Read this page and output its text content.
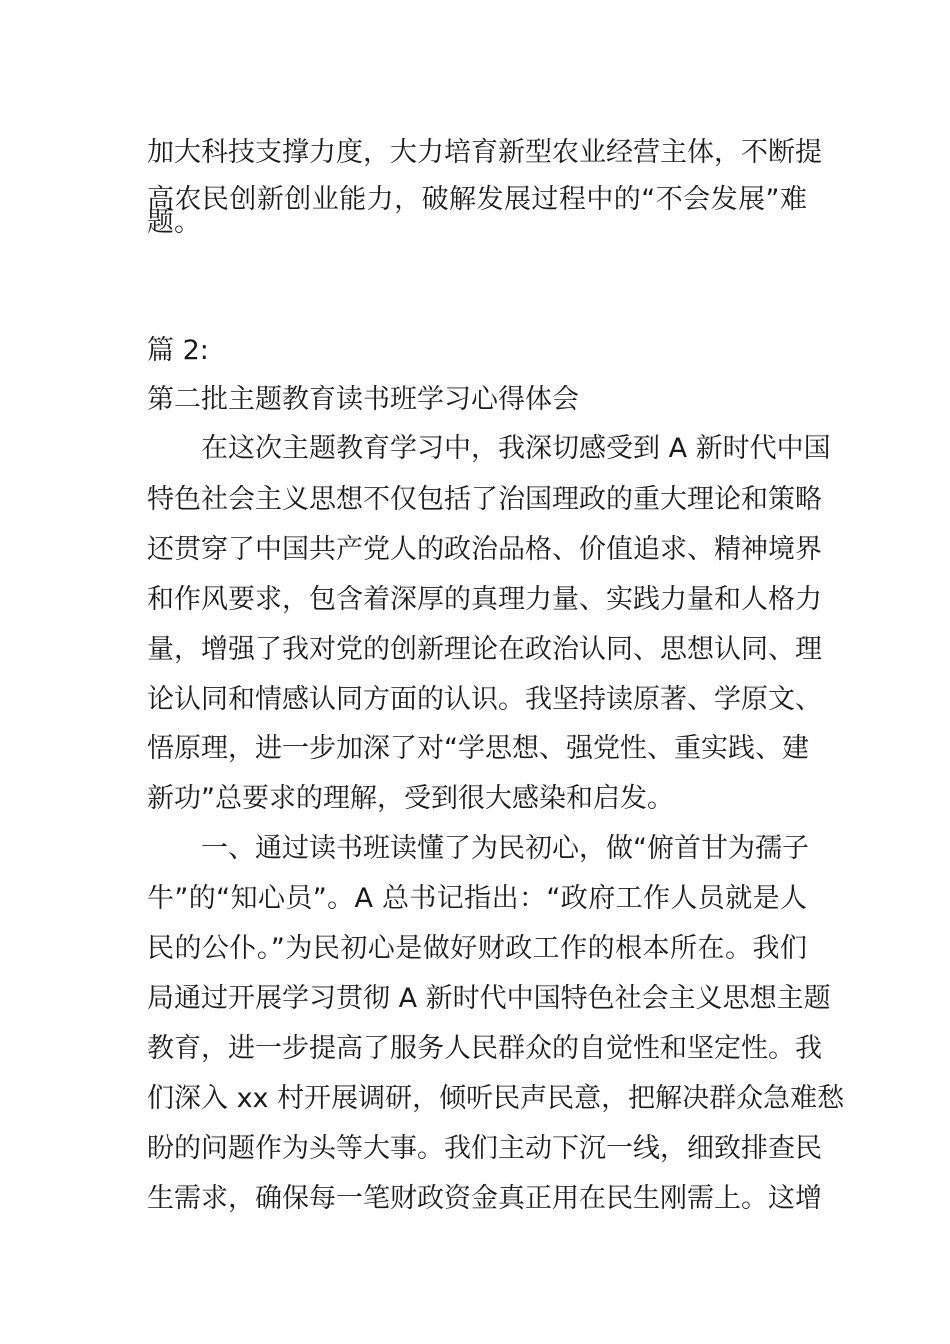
加大科技支撑力度，大力培育新型农业经营主体，不断提
高农民创新创业能力，破解发展过程中的“不会发展”难
题。
篇 2:
第二批主题教育读书班学习心得体会
在这次主题教育学习中，我深切感受到 A 新时代中国
特色社会主义思想不仅包括了治国理政的重大理论和策略
还贯穿了中国共产党人的政治品格、价值追求、精神境界
和作风要求，包含着深厚的真理力量、实践力量和人格力
量，增强了我对党的创新理论在政治认同、思想认同、理
论认同和情感认同方面的认识。我坚持读原著、学原文、
悟原理，进一步加深了对“学思想、强党性、重实践、建
新功”总要求的理解，受到很大感染和启发。
一、通过读书班读懂了为民初心，做“俯首甘为孺子
牛”的“知心员”。A 总书记指出：“政府工作人员就是人
民的公仆。”为民初心是做好财政工作的根本所在。我们
局通过开展学习贯彻 A 新时代中国特色社会主义思想主题
教育，进一步提高了服务人民群众的自觉性和坚定性。我
们深入 xx 村开展调研，倾听民声民意，把解决群众急难愁
盼的问题作为头等大事。我们主动下沉一线，细致排查民
生需求，确保每一笔财政资金真正用在民生刚需上。这增
